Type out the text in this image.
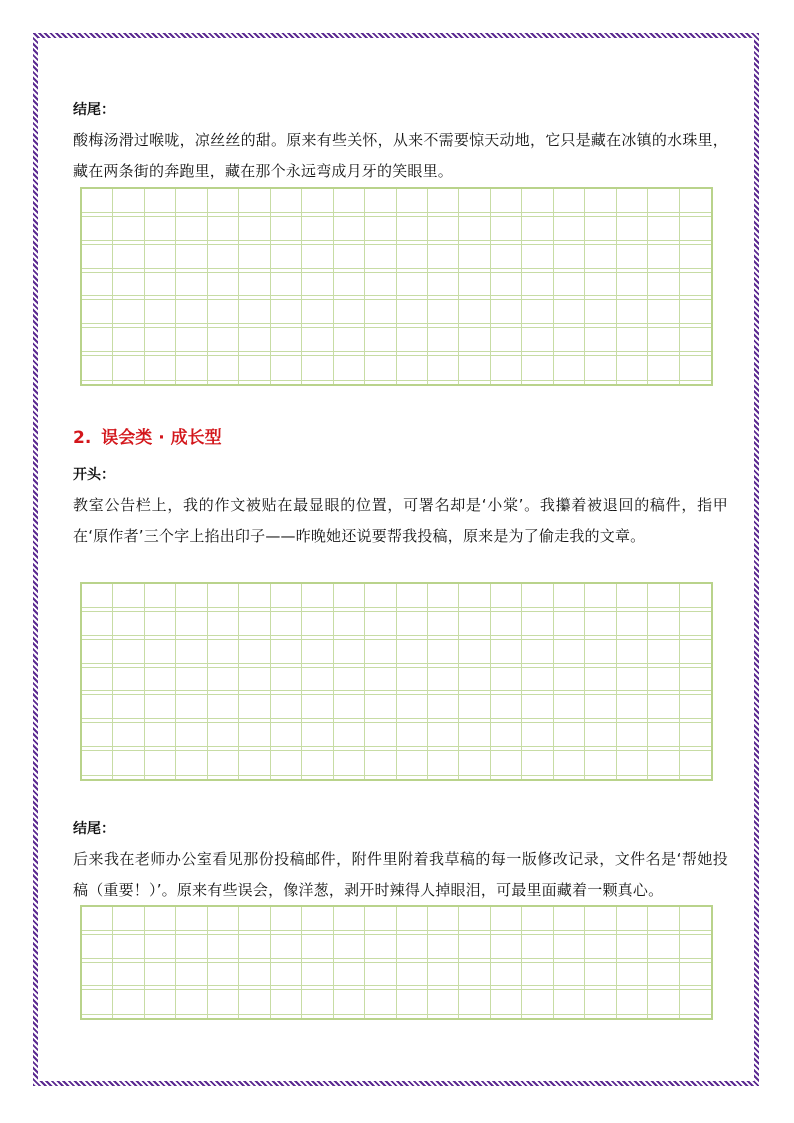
结尾：
酸梅汤滑过喉咙，凉丝丝的甜。原来有些关怀，从来不需要惊天动地，它只是藏在冰镇的水珠里，藏在两条街的奔跑里，藏在那个永远弯成月牙的笑眼里。
2. 误会类 · 成长型
开头：
教室公告栏上，我的作文被贴在最显眼的位置，可署名却是‘小棠’。我攥着被退回的稿件，指甲在‘原作者’三个字上掐出印子——昨晚她还说要帮我投稿，原来是为了偷走我的文章。
结尾：
后来我在老师办公室看见那份投稿邮件，附件里附着我草稿的每一版修改记录，文件名是‘帮她投稿（重要！）’。原来有些误会，像洋葱，剥开时辣得人掉眼泪，可最里面藏着一颗真心。
